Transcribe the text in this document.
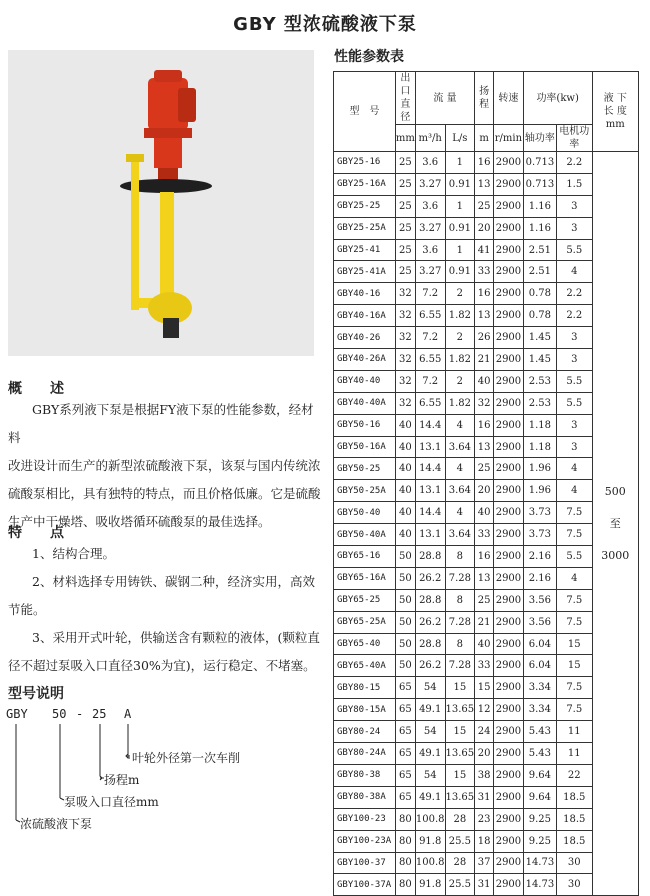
GBY 型浓硫酸液下泵
概　　述
GBY系列液下泵是根据FY液下泵的性能参数，经材料
改进设计而生产的新型浓硫酸液下泵，该泵与国内传统浓
硫酸泵相比，具有独特的特点，而且价格低廉。它是硫酸
生产中干燥塔、吸收塔循环硫酸泵的最佳选择。
特　　点
1、结构合理。
2、材料选择专用铸铁、碳钢二种，经济实用，高效
节能。
3、采用开式叶轮，供输送含有颗粒的液体，(颗粒直
径不超过泵吸入口直径30%为宜)，运行稳定、不堵塞。
型号说明
GBY 50 - 25 A
叶轮外径第一次车削
扬程m
泵吸入口直径mm
浓硫酸液下泵
性能参数表
型　号	出口直径	流 量		扬程	转速	功率(kw)		液 下 长 度
mm

	mm	m³/h	L/s	m	r/min	轴功率	电机功率	
GBY25-16	25	3.6	1	16	2900	0.713	2.2	500
至
3000

GBY25-16A	25	3.27	0.91	13	2900	0.713	1.5	
GBY25-25	25	3.6	1	25	2900	1.16	3	
GBY25-25A	25	3.27	0.91	20	2900	1.16	3	
GBY25-41	25	3.6	1	41	2900	2.51	5.5	
GBY25-41A	25	3.27	0.91	33	2900	2.51	4	
GBY40-16	32	7.2	2	16	2900	0.78	2.2	
GBY40-16A	32	6.55	1.82	13	2900	0.78	2.2	
GBY40-26	32	7.2	2	26	2900	1.45	3	
GBY40-26A	32	6.55	1.82	21	2900	1.45	3	
GBY40-40	32	7.2	2	40	2900	2.53	5.5	
GBY40-40A	32	6.55	1.82	32	2900	2.53	5.5	
GBY50-16	40	14.4	4	16	2900	1.18	3	
GBY50-16A	40	13.1	3.64	13	2900	1.18	3	
GBY50-25	40	14.4	4	25	2900	1.96	4	
GBY50-25A	40	13.1	3.64	20	2900	1.96	4	
GBY50-40	40	14.4	4	40	2900	3.73	7.5	
GBY50-40A	40	13.1	3.64	33	2900	3.73	7.5	
GBY65-16	50	28.8	8	16	2900	2.16	5.5	
GBY65-16A	50	26.2	7.28	13	2900	2.16	4	
GBY65-25	50	28.8	8	25	2900	3.56	7.5	
GBY65-25A	50	26.2	7.28	21	2900	3.56	7.5	
GBY65-40	50	28.8	8	40	2900	6.04	15	
GBY65-40A	50	26.2	7.28	33	2900	6.04	15	
GBY80-15	65	54	15	15	2900	3.34	7.5	
GBY80-15A	65	49.1	13.65	12	2900	3.34	7.5	
GBY80-24	65	54	15	24	2900	5.43	11	
GBY80-24A	65	49.1	13.65	20	2900	5.43	11	
GBY80-38	65	54	15	38	2900	9.64	22	
GBY80-38A	65	49.1	13.65	31	2900	9.64	18.5	
GBY100-23	80	100.8	28	23	2900	9.25	18.5	
GBY100-23A	80	91.8	25.5	18	2900	9.25	18.5	
GBY100-37	80	100.8	28	37	2900	14.73	30	
GBY100-37A	80	91.8	25.5	31	2900	14.73	30	
